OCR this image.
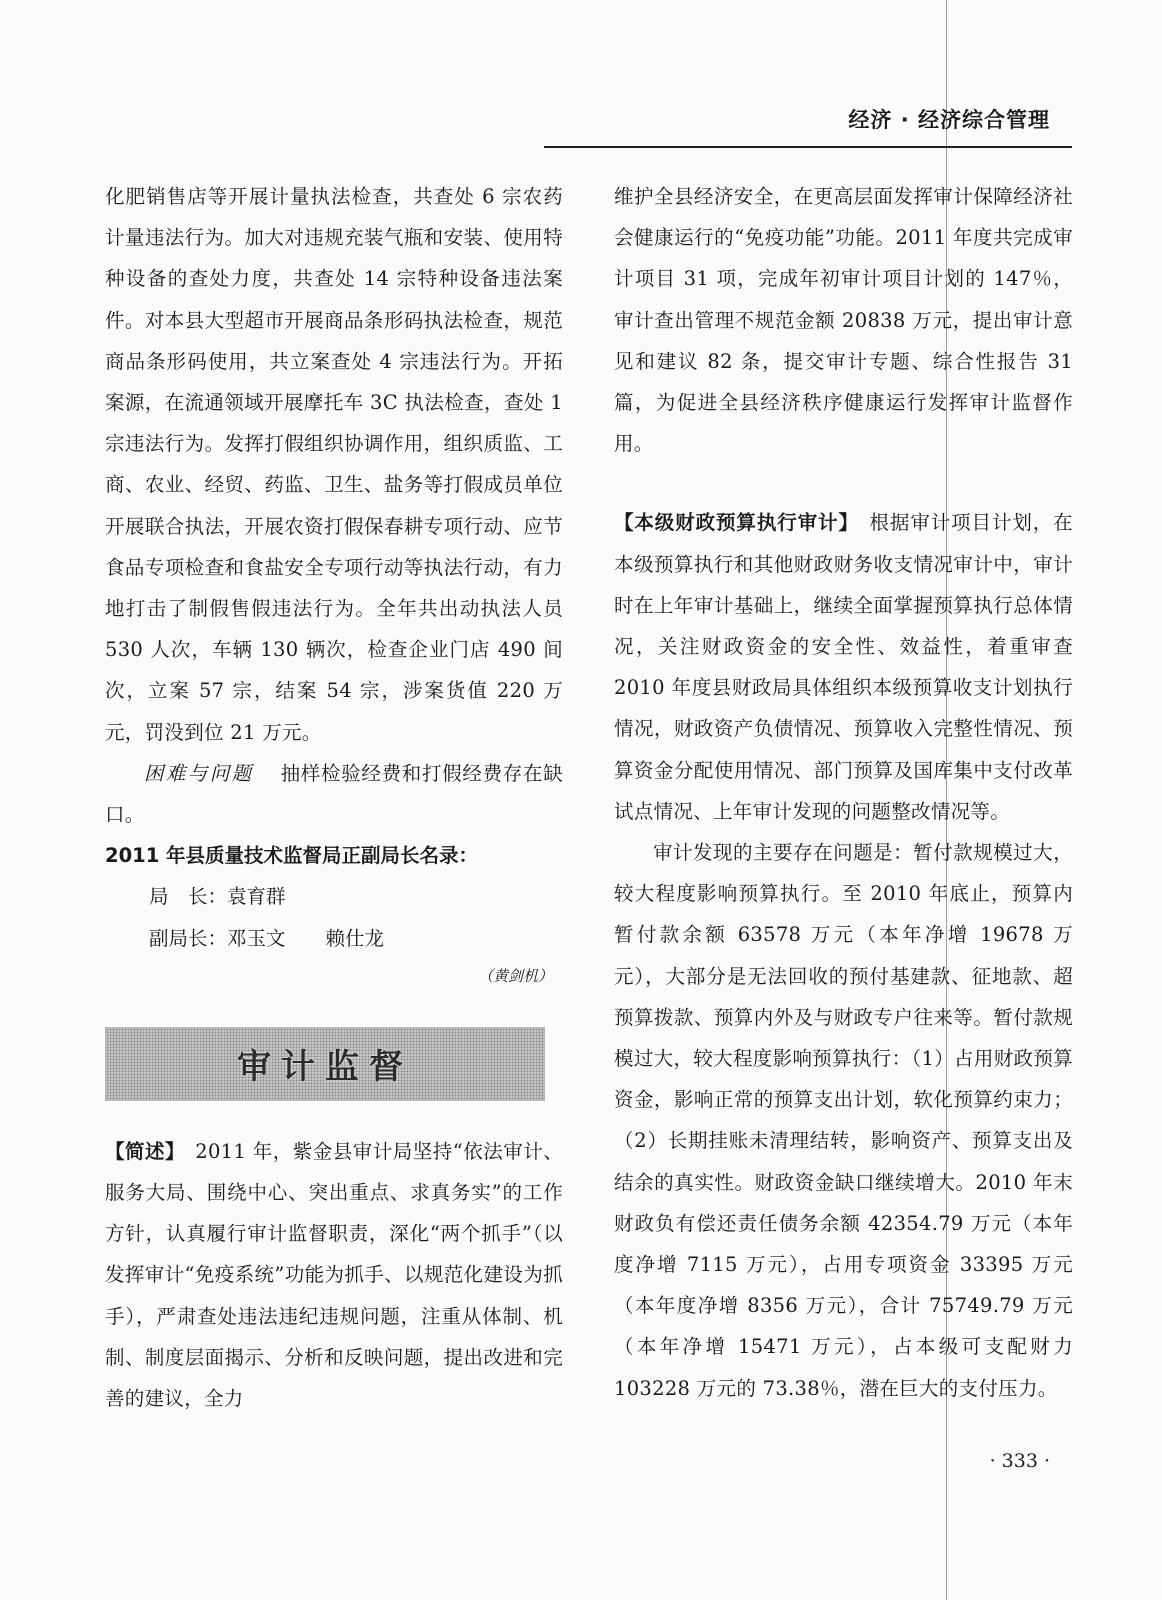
经济 · 经济综合管理

化肥销售店等开展计量执法检查，共查处 6 宗农药计量违法行为。加大对违规充装气瓶和安装、使用特种设备的查处力度，共查处 14 宗特种设备违法案件。对本县大型超市开展商品条形码执法检查，规范商品条形码使用，共立案查处 4 宗违法行为。开拓案源，在流通领域开展摩托车 3C 执法检查，查处 1 宗违法行为。发挥打假组织协调作用，组织质监、工商、农业、经贸、药监、卫生、盐务等打假成员单位开展联合执法，开展农资打假保春耕专项行动、应节食品专项检查和食盐安全专项行动等执法行动，有力地打击了制假售假违法行为。全年共出动执法人员 530 人次，车辆 130 辆次，检查企业门店 490 间次，立案 57 宗，结案 54 宗，涉案货值 220 万元，罚没到位 21 万元。

困难与问题 　 抽样检验经费和打假经费存在缺口。

2011 年县质量技术监督局正副局长名录：

局　长：袁育群

副局长：邓玉文 赖仕龙

（黄剑机）

审计监督

【简述】　 2011 年，紫金县审计局坚持“依法审计、服务大局、围绕中心、突出重点、求真务实”的工作方针，认真履行审计监督职责，深化“两个抓手”（以发挥审计“免疫系统”功能为抓手、以规范化建设为抓手），严肃查处违法违纪违规问题，注重从体制、机制、制度层面揭示、分析和反映问题，提出改进和完善的建议，全力

维护全县经济安全，在更高层面发挥审计保障经济社会健康运行的“免疫功能”功能。2011 年度共完成审计项目 31 项，完成年初审计项目计划的 147％，审计查出管理不规范金额 20838 万元，提出审计意见和建议 82 条，提交审计专题、综合性报告 31 篇，为促进全县经济秩序健康运行发挥审计监督作用。

【本级财政预算执行审计】　 根据审计项目计划，在本级预算执行和其他财政财务收支情况审计中，审计时在上年审计基础上，继续全面掌握预算执行总体情况，关注财政资金的安全性、效益性，着重审查 2010 年度县财政局具体组织本级预算收支计划执行情况，财政资产负债情况、预算收入完整性情况、预算资金分配使用情况、部门预算及国库集中支付改革试点情况、上年审计发现的问题整改情况等。

审计发现的主要存在问题是：暂付款规模过大，较大程度影响预算执行。至 2010 年底止，预算内暂付款余额 63578 万元（本年净增 19678 万元），大部分是无法回收的预付基建款、征地款、超预算拨款、预算内外及与财政专户往来等。暂付款规模过大，较大程度影响预算执行：（1）占用财政预算资金，影响正常的预算支出计划，软化预算约束力；（2）长期挂账未清理结转，影响资产、预算支出及结余的真实性。财政资金缺口继续增大。2010 年末财政负有偿还责任债务余额 42354.79 万元（本年度净增 7115 万元），占用专项资金 33395 万元（本年度净增 8356 万元），合计 75749.79 万元（本年净增 15471 万元），占本级可支配财力 103228 万元的 73.38％，潜在巨大的支付压力。

· 333 ·
